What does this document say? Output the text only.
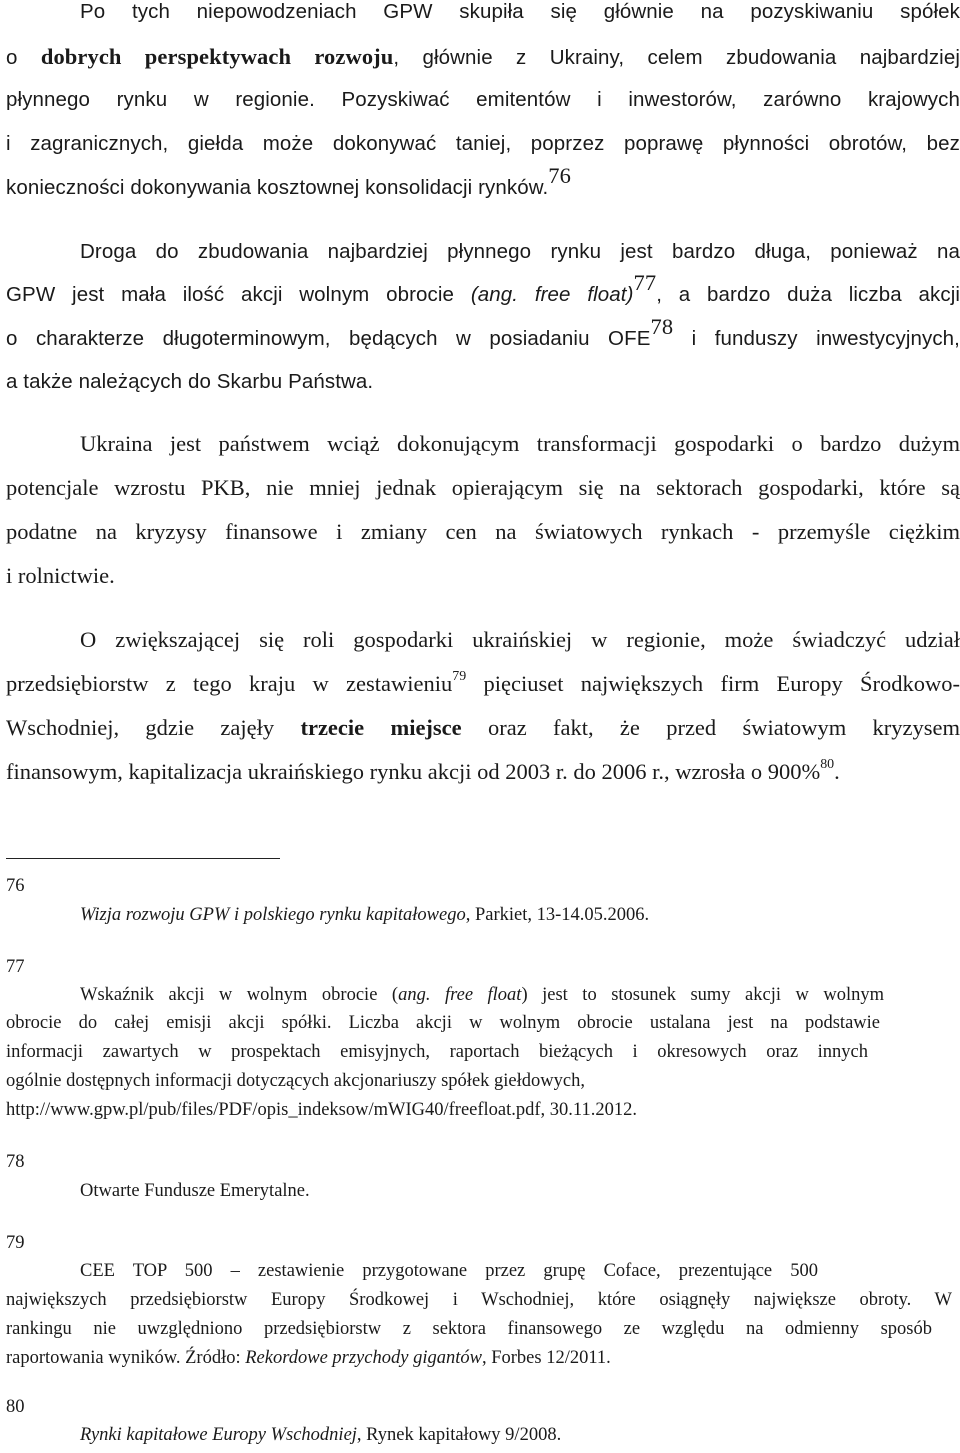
Po tych niepowodzeniach GPW skupiła się głównie na pozyskiwaniu spółek
o dobrych perspektywach rozwoju, głównie z Ukrainy, celem zbudowania najbardziej
płynnego rynku w regionie. Pozyskiwać emitentów i inwestorów, zarówno krajowych
i zagranicznych, giełda może dokonywać taniej, poprzez poprawę płynności obrotów, bez
konieczności dokonywania kosztownej konsolidacji rynków.$^{76}$
Droga do zbudowania najbardziej płynnego rynku jest bardzo długa, ponieważ na
GPW jest mała ilość akcji wolnym obrocie (ang. free float)$^{77}$, a bardzo duża liczba akcji
o charakterze długoterminowym, będących w posiadaniu OFE$^{78}$ i funduszy inwestycyjnych,
a także należących do Skarbu Państwa.
Ukraina jest państwem wciąż dokonującym transformacji gospodarki o bardzo dużym
potencjale wzrostu PKB, nie mniej jednak opierającym się na sektorach gospodarki, które są
podatne na kryzysy finansowe i zmiany cen na światowych rynkach - przemyśle ciężkim
i rolnictwie.
O zwiększającej się roli gospodarki ukraińskiej w regionie, może świadczyć udział
przedsiębiorstw z tego kraju w zestawieniu$^{79}$ pięciuset największych firm Europy Środkowo-
Wschodniej, gdzie zajęły trzecie miejsce oraz fakt, że przed światowym kryzysem
finansowym, kapitalizacja ukraińskiego rynku akcji od 2003 r. do 2006 r., wzrosła o 900%$^{80}$.
76
Wizja rozwoju GPW i polskiego rynku kapitałowego, Parkiet, 13-14.05.2006.
77
Wskaźnik akcji w wolnym obrocie (ang. free float) jest to stosunek sumy akcji w wolnym
obrocie do całej emisji akcji spółki. Liczba akcji w wolnym obrocie ustalana jest na podstawie
informacji zawartych w prospektach emisyjnych, raportach bieżących i okresowych oraz innych
ogólnie dostępnych informacji dotyczących akcjonariuszy spółek giełdowych,
http://www.gpw.pl/pub/files/PDF/opis_indeksow/mWIG40/freefloat.pdf, 30.11.2012.
78
Otwarte Fundusze Emerytalne.
79
CEE TOP 500 – zestawienie przygotowane przez grupę Coface, prezentujące 500
największych przedsiębiorstw Europy Środkowej i Wschodniej, które osiągnęły największe obroty. W
rankingu nie uwzględniono przedsiębiorstw z sektora finansowego ze względu na odmienny sposób
raportowania wyników. Źródło: Rekordowe przychody gigantów, Forbes 12/2011.
80
Rynki kapitałowe Europy Wschodniej, Rynek kapitałowy 9/2008.
